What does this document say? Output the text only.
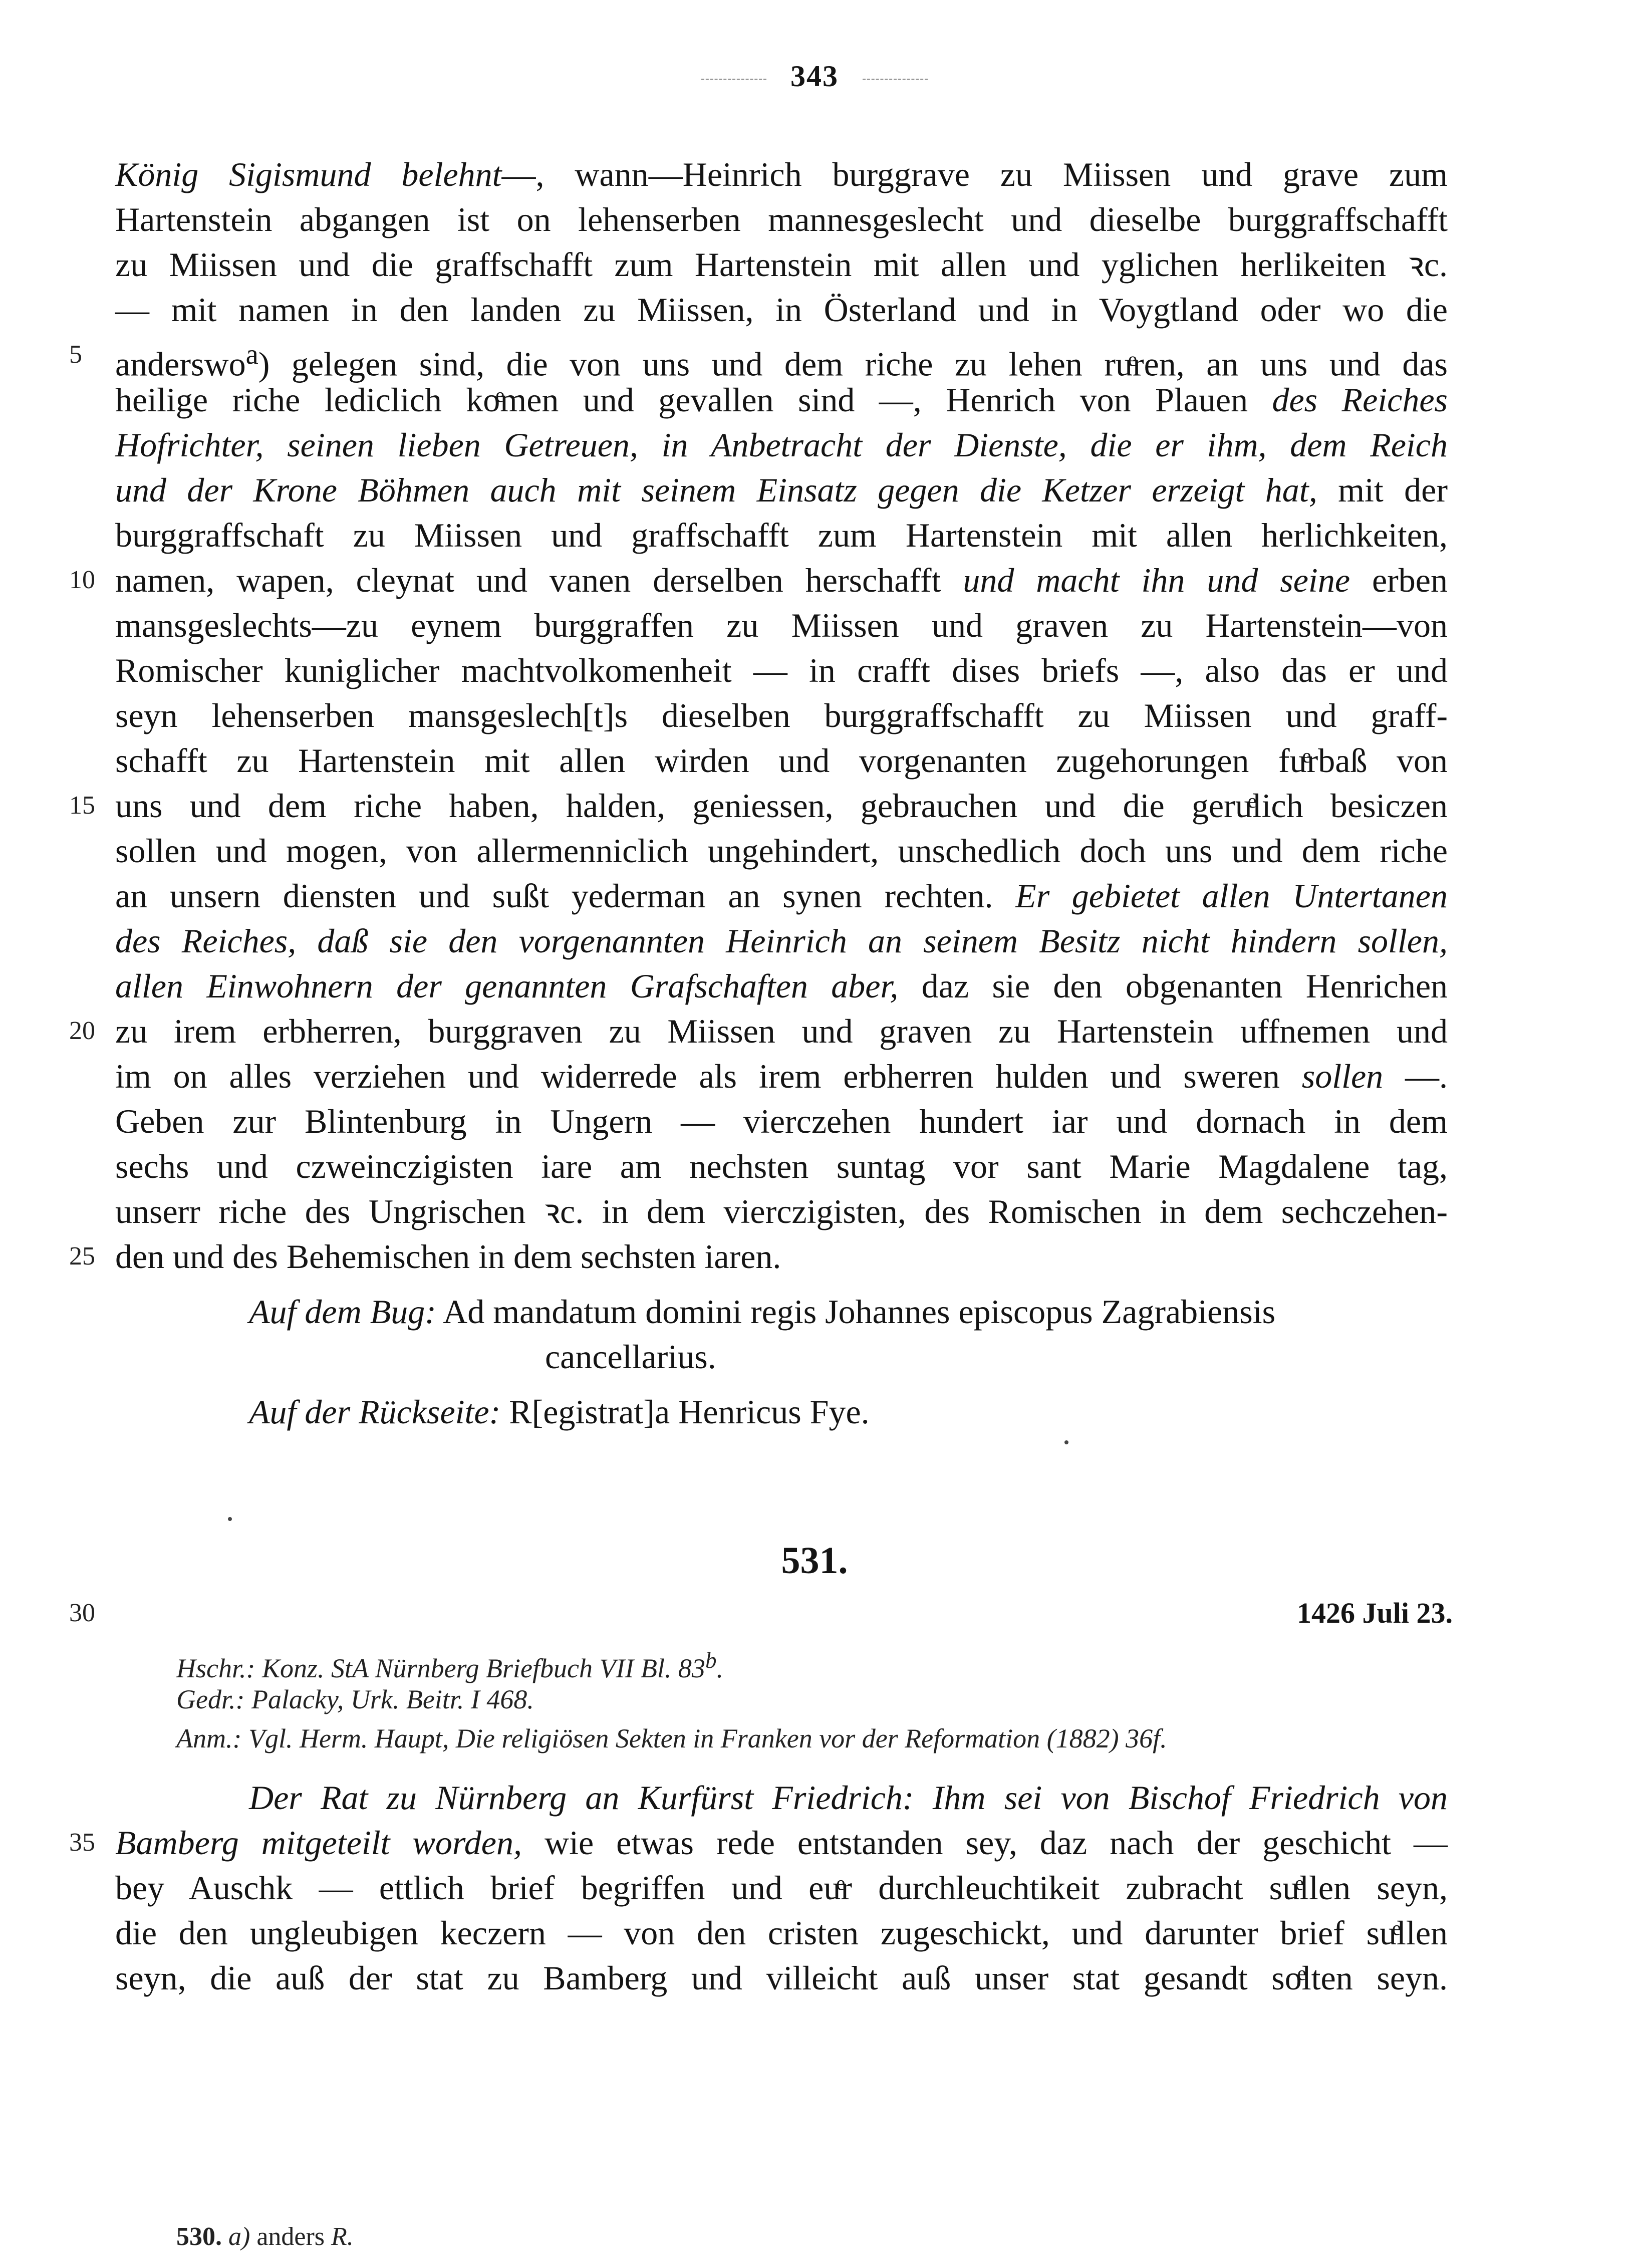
343
König Sigismund belehnt—, wann—Heinrich burggrave zu Miissen und grave zum
Hartenstein abgangen ist on lehenserben mannesgeslecht und dieselbe burggraffschafft
zu Miissen und die graffschafft zum Hartenstein mit allen und yglichen herlikeiten ꝛc.
— mit namen in den landen zu Miissen, in Österland und in Voygtland oder wo die
anderswo$^a$) gelegen sind, die von uns und dem riche zu lehen ruͤren, an uns und das
heilige riche lediclich koͤmen und gevallen sind —, Henrich von Plauen des Reiches
Hofrichter, seinen lieben Getreuen, in Anbetracht der Dienste, die er ihm, dem Reich
und der Krone Böhmen auch mit seinem Einsatz gegen die Ketzer erzeigt hat, mit der
burggraffschaft zu Miissen und graffschafft zum Hartenstein mit allen herlichkeiten,
namen, wapen, cleynat und vanen derselben herschafft und macht ihn und seine erben
mansgeslechts—zu eynem burggraffen zu Miissen und graven zu Hartenstein—von
Romischer kuniglicher machtvolkomenheit — in crafft dises briefs —, also das er und
seyn lehenserben mansgeslech[t]s dieselben burggraffschafft zu Miissen und graff-
schafft zu Hartenstein mit allen wirden und vorgenanten zugehorungen fuͤrbaß von
uns und dem riche haben, halden, geniessen, gebrauchen und die geruͤlich besiczen
sollen und mogen, von allermenniclich ungehindert, unschedlich doch uns und dem riche
an unsern diensten und sußt yederman an synen rechten. Er gebietet allen Untertanen
des Reiches, daß sie den vorgenannten Heinrich an seinem Besitz nicht hindern sollen,
allen Einwohnern der genannten Grafschaften aber, daz sie den obgenanten Henrichen
zu irem erbherren, burggraven zu Miissen und graven zu Hartenstein uffnemen und
im on alles verziehen und widerrede als irem erbherren hulden und sweren sollen —.
Geben zur Blintenburg in Ungern — vierczehen hundert iar und dornach in dem
sechs und czweinczigisten iare am nechsten suntag vor sant Marie Magdalene tag,
unserr riche des Ungrischen ꝛc. in dem vierczigisten, des Romischen in dem sechczehen-
den und des Behemischen in dem sechsten iaren.
Auf dem Bug: Ad mandatum domini regis Johannes episcopus Zagrabiensis
cancellarius.
Auf der Rückseite: R[egistrat]a Henricus Fye.
5
10
15
20
25
30
35
531.
1426 Juli 23.
Hschr.: Konz. StA Nürnberg Briefbuch VII Bl. 83$^b$.
Gedr.: Palacky, Urk. Beitr. I 468.
Anm.: Vgl. Herm. Haupt, Die religiösen Sekten in Franken vor der Reformation (1882) 36f.
Der Rat zu Nürnberg an Kurfürst Friedrich: Ihm sei von Bischof Friedrich von
Bamberg mitgeteilt worden, wie etwas rede entstanden sey, daz nach der geschicht —
bey Auschk — ettlich brief begriffen und euͤr durchleuchtikeit zubracht suͤllen seyn,
die den ungleubigen keczern — von den cristen zugeschickt, und darunter brief suͤllen
seyn, die auß der stat zu Bamberg und villeicht auß unser stat gesandt soͤlten seyn.
530. a) anders R.
